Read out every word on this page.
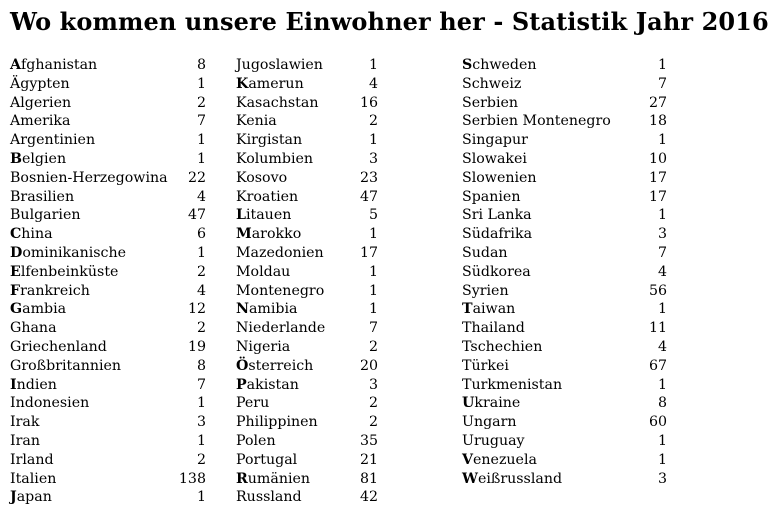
Wo kommen unsere Einwohner her - Statistik Jahr 2016
Afghanistan	8
Ägypten	1
Algerien	2
Amerika	7
Argentinien	1
Belgien	1
Bosnien-Herzegowina 22
Brasilien	4
Bulgarien	47
China	6
Dominikanische	1
Elfenbeinküste	2
Frankreich	4
Gambia	12
Ghana	2
Griechenland	19
Großbritannien	8
Indien	7
Indonesien	1
Irak	3
Iran	1
Irland	2
Italien	138
Japan	1
Jugoslawien	1
Kamerun	4
Kasachstan	16
Kenia	2
Kirgistan	1
Kolumbien	3
Kosovo	23
Kroatien	47
Litauen	5
Marokko	1
Mazedonien	17
Moldau	1
Montenegro	1
Namibia	1
Niederlande	7
Nigeria	2
Österreich	20
Pakistan	3
Peru	2
Philippinen	2
Polen	35
Portugal	21
Rumänien	81
Russland	42
Schweden	1
Schweiz	7
Serbien	27
Serbien Montenegro	18
Singapur	1
Slowakei	10
Slowenien	17
Spanien	17
Sri Lanka	1
Südafrika	3
Sudan	7
Südkorea	4
Syrien	56
Taiwan	1
Thailand	11
Tschechien	4
Türkei	67
Turkmenistan	1
Ukraine	8
Ungarn	60
Uruguay	1
Venezuela	1
Weißrussland	3
